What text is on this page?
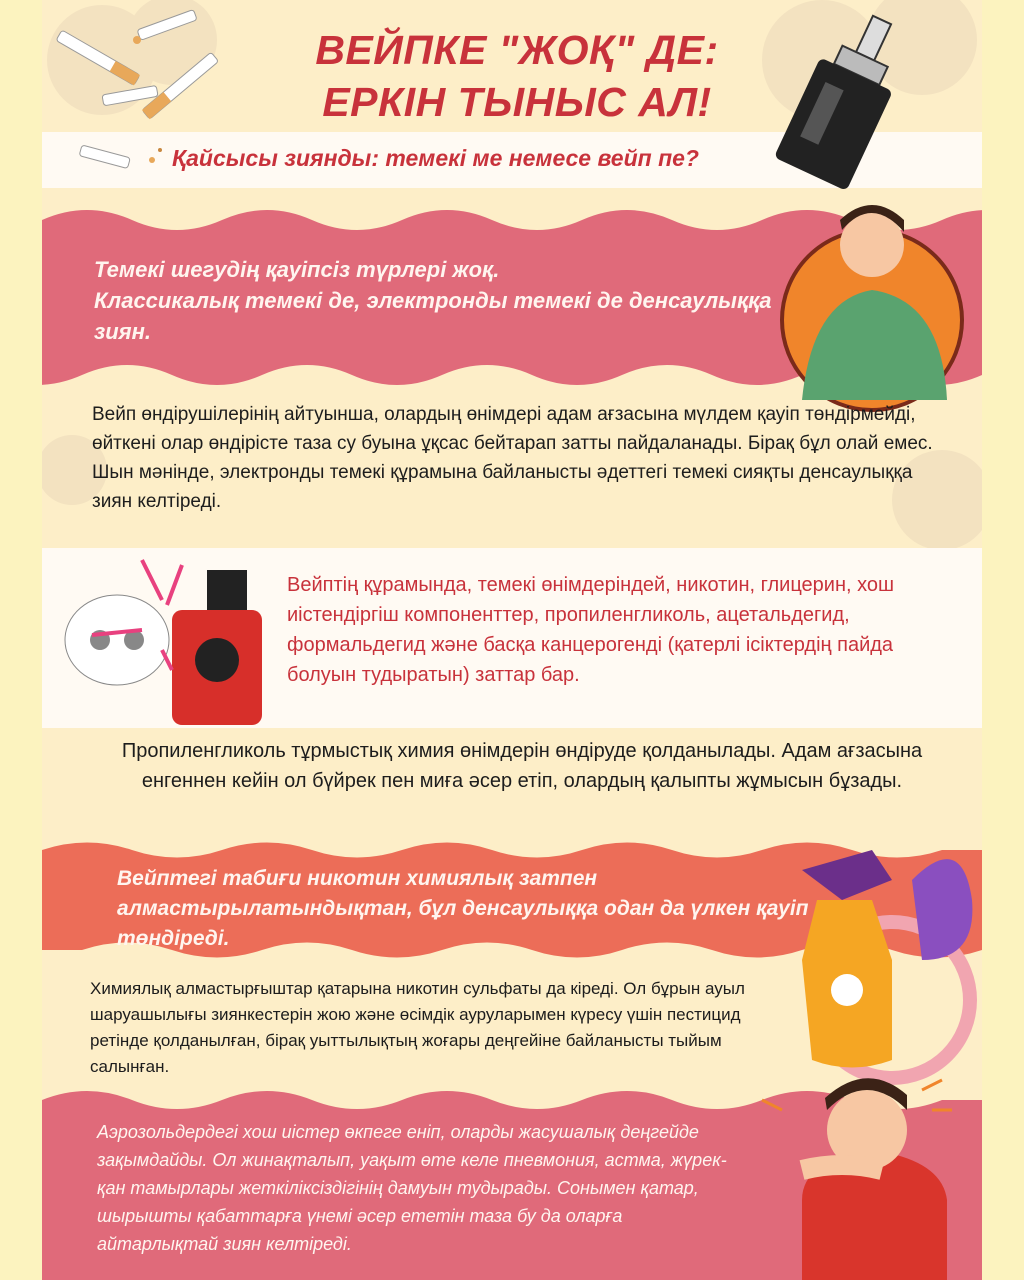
ВЕЙПКЕ "ЖОҚ" ДЕ:
ЕРКІН ТЫНЫС АЛ!
Қайсысы зиянды: темекі ме немесе вейп пе?
Темекі шегудің қауіпсіз түрлері жоқ.
Классикалық темекі де, электронды темекі де денсаулыққа зиян.
Вейп өндірушілерінің айтуынша, олардың өнімдері адам ағзасына мүлдем қауіп төндірмейді, өйткені олар өндірісте таза су буына ұқсас бейтарап затты пайдаланады. Бірақ бұл олай емес. Шын мәнінде, электронды темекі құрамына байланысты әдеттегі темекі сияқты денсаулыққа зиян келтіреді.
Вейптің құрамында, темекі өнімдеріндей, никотин, глицерин, хош иістендіргіш компоненттер, пропиленгликоль, ацетальдегид, формальдегид және басқа канцерогенді (қатерлі ісіктердің пайда болуын тудыратын) заттар бар.
Пропиленгликоль тұрмыстық химия өнімдерін өндіруде қолданылады. Адам ағзасына енгеннен кейін ол бүйрек пен миға әсер етіп, олардың қалыпты жұмысын бұзады.
Вейптегі табиғи никотин химиялық затпен алмастырылатындықтан, бұл денсаулыққа одан да үлкен қауіп төндіреді.
Химиялық алмастырғыштар қатарына никотин сульфаты да кіреді. Ол бұрын ауыл шаруашылығы зиянкестерін жою және өсімдік ауруларымен күресу үшін пестицид ретінде қолданылған, бірақ уыттылықтың жоғары деңгейіне байланысты тыйым салынған.
Аэрозольдердегі хош иістер өкпеге еніп, оларды жасушалық деңгейде зақымдайды. Ол жинақталып, уақыт өте келе пневмония, астма, жүрек-қан тамырлары жеткіліксіздігінің дамуын тудырады. Сонымен қатар, шырышты қабаттарға үнемі әсер ететін таза бу да оларға айтарлықтай зиян келтіреді.
